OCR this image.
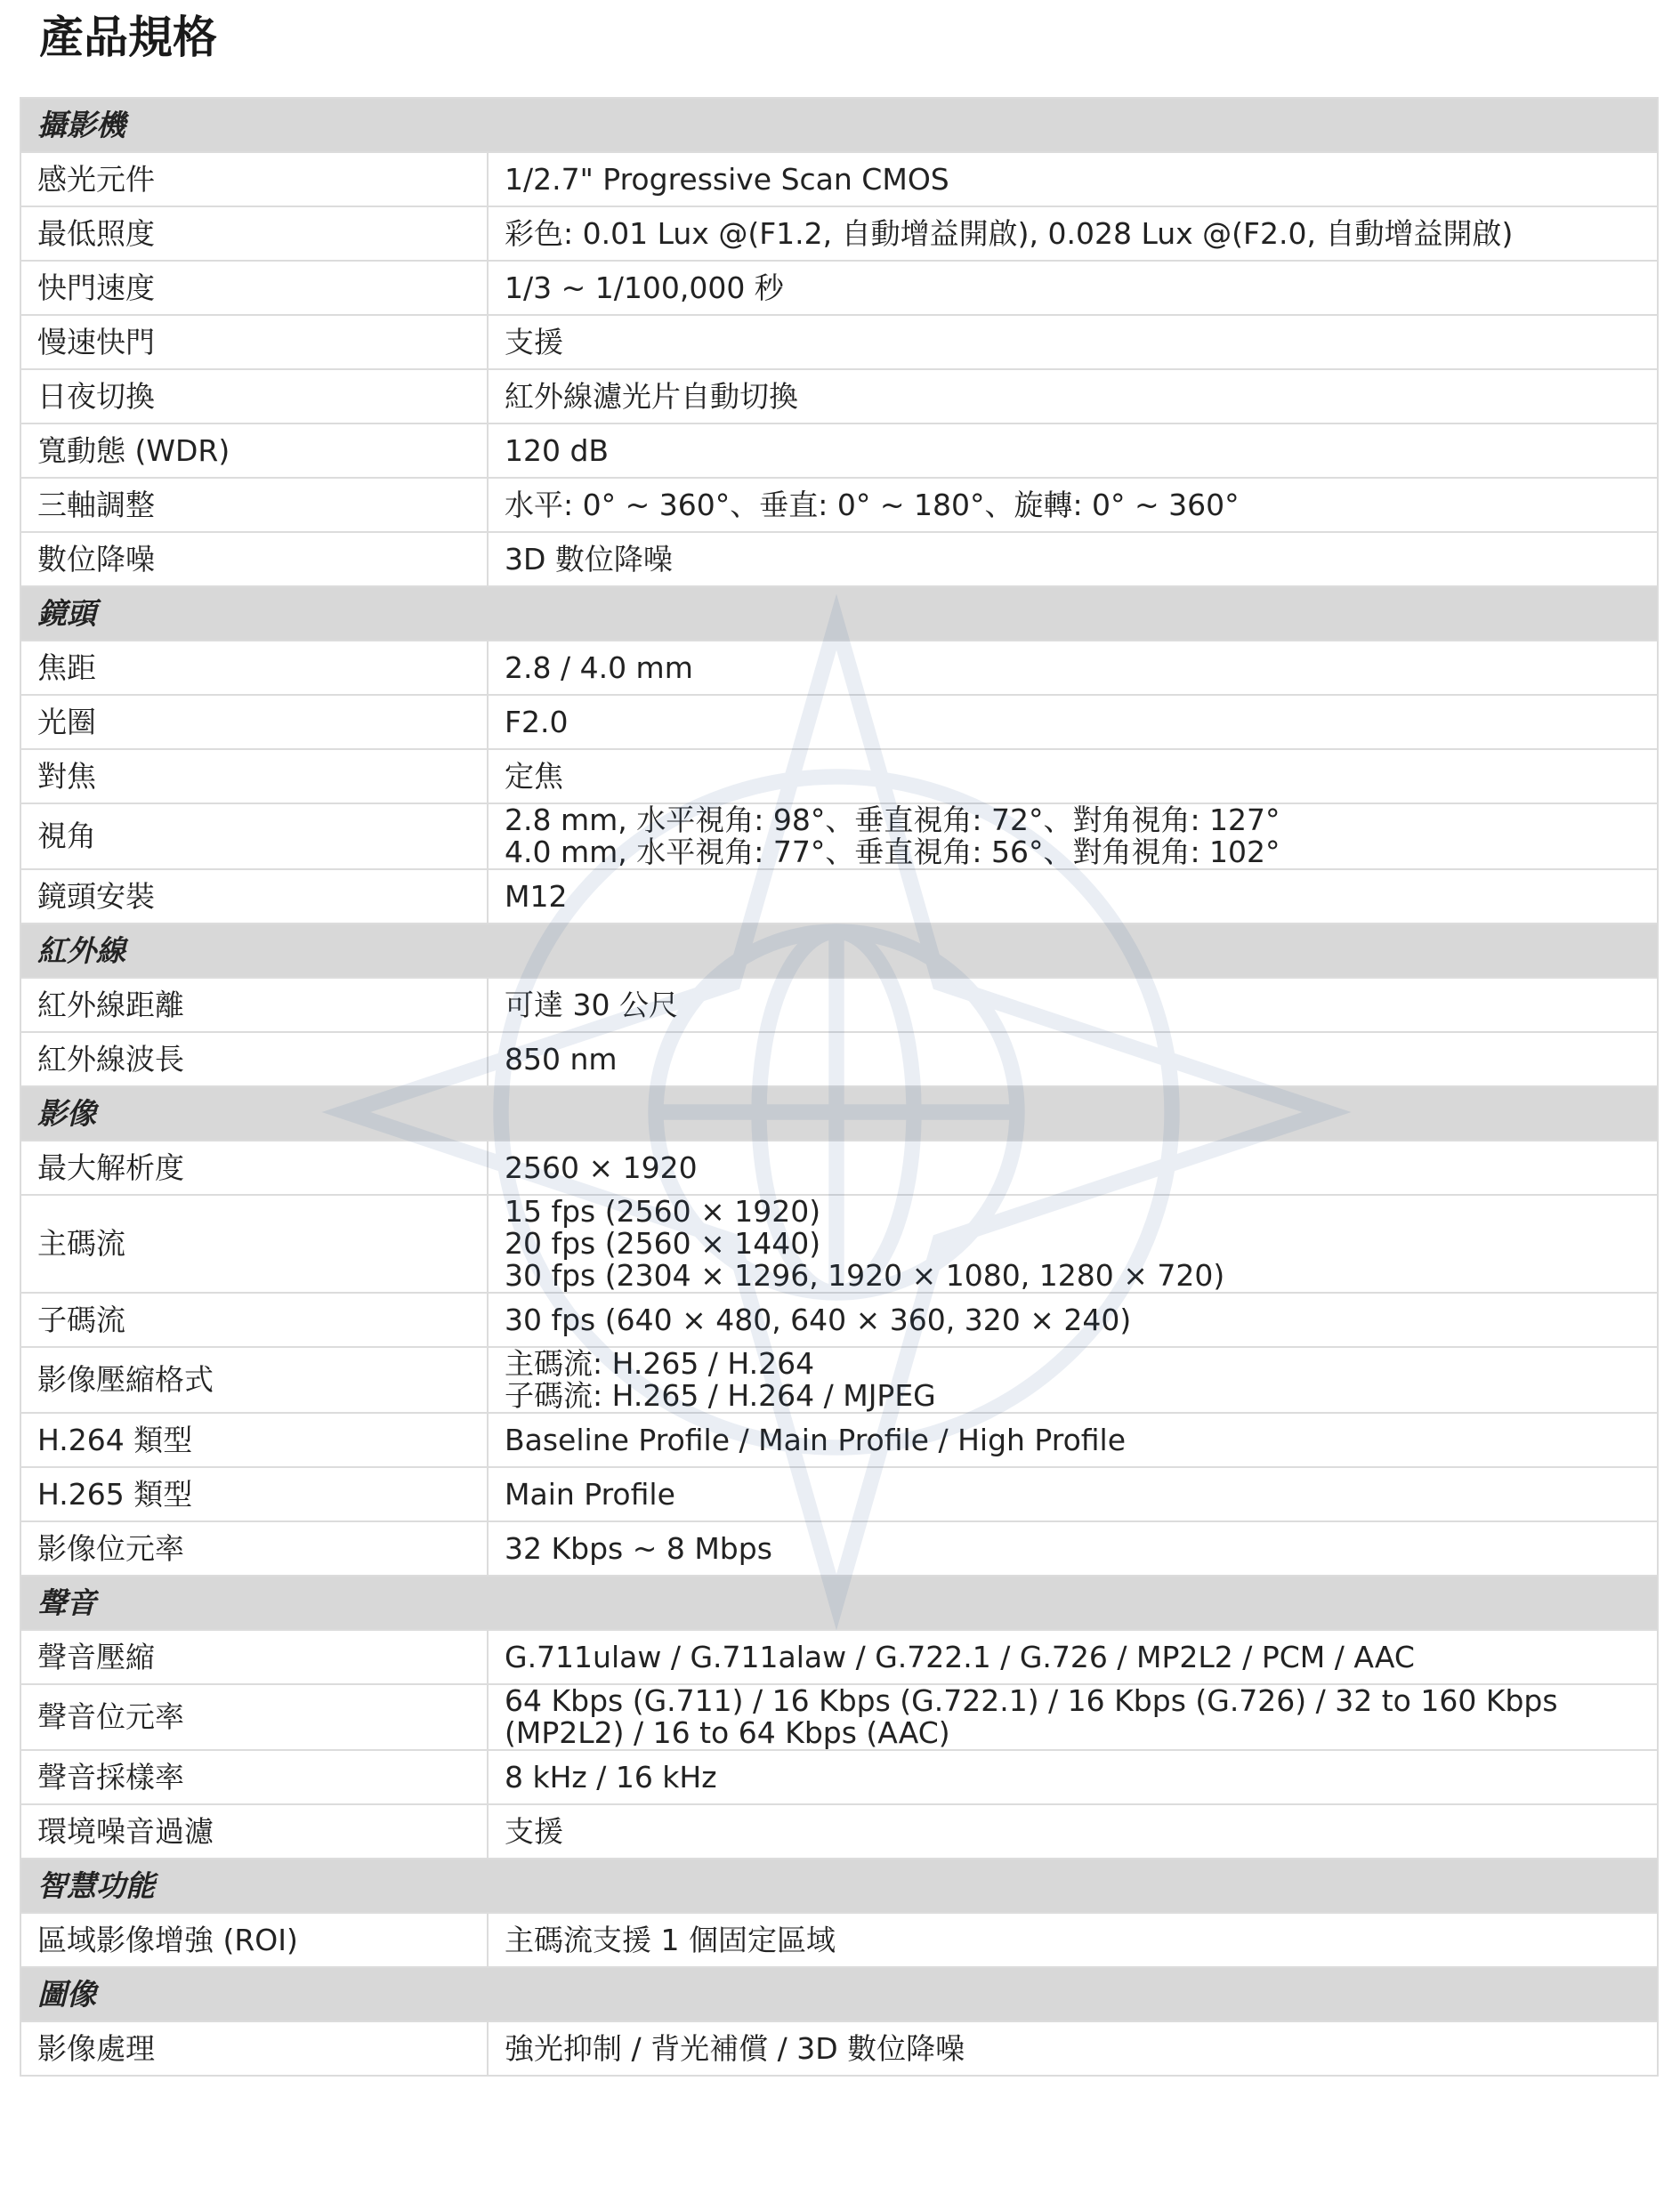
產品規格
攝影機	
感光元件	1/2.7" Progressive Scan CMOS
最低照度	彩色: 0.01 Lux @(F1.2, 自動增益開啟), 0.028 Lux @(F2.0, 自動增益開啟)
快門速度	1/3 ~ 1/100,000 秒
慢速快門	支援
日夜切換	紅外線濾光片自動切換
寬動態 (WDR)	120 dB
三軸調整	水平: 0° ~ 360°、垂直: 0° ~ 180°、旋轉: 0° ~ 360°
數位降噪	3D 數位降噪
鏡頭	
焦距	2.8 / 4.0 mm
光圈	F2.0
對焦	定焦
視角	2.8 mm, 水平視角: 98°、垂直視角: 72°、對角視角: 127°
4.0 mm, 水平視角: 77°、垂直視角: 56°、對角視角: 102°
鏡頭安裝	M12
紅外線	
紅外線距離	可達 30 公尺
紅外線波長	850 nm
影像	
最大解析度	2560 × 1920
主碼流	15 fps (2560 × 1920)
20 fps (2560 × 1440)
30 fps (2304 × 1296, 1920 × 1080, 1280 × 720)
子碼流	30 fps (640 × 480, 640 × 360, 320 × 240)
影像壓縮格式	主碼流: H.265 / H.264
子碼流: H.265 / H.264 / MJPEG
H.264 類型	Baseline Profile / Main Profile / High Profile
H.265 類型	Main Profile
影像位元率	32 Kbps ~ 8 Mbps
聲音	
聲音壓縮	G.711ulaw / G.711alaw / G.722.1 / G.726 / MP2L2 / PCM / AAC
聲音位元率	64 Kbps (G.711) / 16 Kbps (G.722.1) / 16 Kbps (G.726) / 32 to 160 Kbps (MP2L2) / 16 to 64 Kbps (AAC)
聲音採樣率	8 kHz / 16 kHz
環境噪音過濾	支援
智慧功能	
區域影像增強 (ROI)	主碼流支援 1 個固定區域
圖像	
影像處理	強光抑制 / 背光補償 / 3D 數位降噪
